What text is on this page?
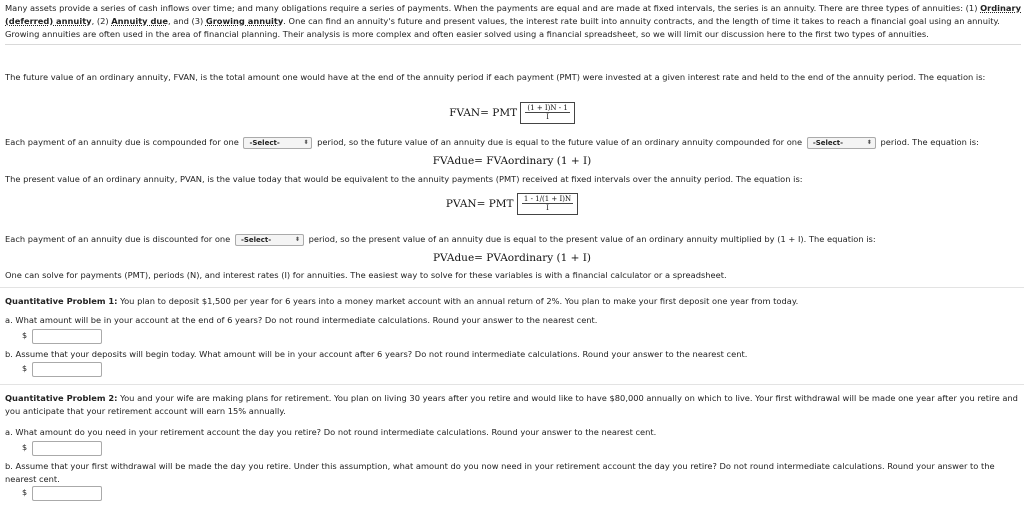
Many assets provide a series of cash inflows over time; and many obligations require a series of payments. When the payments are equal and are made at fixed intervals, the series is an annuity. There are three types of annuities: (1) Ordinary (deferred) annuity, (2) Annuity due, and (3) Growing annuity. One can find an annuity's future and present values, the interest rate built into annuity contracts, and the length of time it takes to reach a financial goal using an annuity. Growing annuities are often used in the area of financial planning. Their analysis is more complex and often easier solved using a financial spreadsheet, so we will limit our discussion here to the first two types of annuities.
The future value of an ordinary annuity, FVAN, is the total amount one would have at the end of the annuity period if each payment (PMT) were invested at a given interest rate and held to the end of the annuity period. The equation is:
FVAN= PMT $\frac{(1 + I)N - 1}{I}$
Each payment of an annuity due is compounded for one -Select-	⬍ period, so the future value of an annuity due is equal to the future value of an ordinary annuity compounded for one -Select-	⬍ period. The equation is:
FVAdue= FVAordinary (1 + I)
The present value of an ordinary annuity, PVAN, is the value today that would be equivalent to the annuity payments (PMT) received at fixed intervals over the annuity period. The equation is:
PVAN= PMT $\frac{1 - 1/(1 + I)N}{I}$
Each payment of an annuity due is discounted for one -Select-	⬍ period, so the present value of an annuity due is equal to the present value of an ordinary annuity multiplied by (1 + I). The equation is:
PVAdue= PVAordinary (1 + I)
One can solve for payments (PMT), periods (N), and interest rates (I) for annuities. The easiest way to solve for these variables is with a financial calculator or a spreadsheet.
Quantitative Problem 1: You plan to deposit $1,500 per year for 6 years into a money market account with an annual return of 2%. You plan to make your first deposit one year from today.
a. What amount will be in your account at the end of 6 years? Do not round intermediate calculations. Round your answer to the nearest cent.
$
b. Assume that your deposits will begin today. What amount will be in your account after 6 years? Do not round intermediate calculations. Round your answer to the nearest cent.
$
Quantitative Problem 2: You and your wife are making plans for retirement. You plan on living 30 years after you retire and would like to have $80,000 annually on which to live. Your first withdrawal will be made one year after you retire and you anticipate that your retirement account will earn 15% annually.
a. What amount do you need in your retirement account the day you retire? Do not round intermediate calculations. Round your answer to the nearest cent.
$
b. Assume that your first withdrawal will be made the day you retire. Under this assumption, what amount do you now need in your retirement account the day you retire? Do not round intermediate calculations. Round your answer to the nearest cent.
$
